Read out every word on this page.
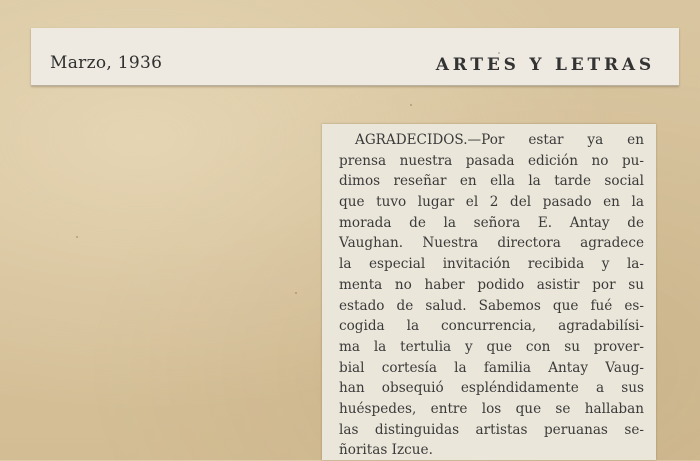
Marzo, 1936	ARTES Y LETRAS
AGRADECIDOS.—Por estar ya en
prensa nuestra pasada edición no pu-
dimos reseñar en ella la tarde social
que tuvo lugar el 2 del pasado en la
morada de la señora E. Antay de
Vaughan. Nuestra directora agradece
la especial invitación recibida y la-
menta no haber podido asistir por su
estado de salud. Sabemos que fué es-
cogida la concurrencia, agradabilísi-
ma la tertulia y que con su prover-
bial cortesía la familia Antay Vaug-
han obsequió espléndidamente a sus
huéspedes, entre los que se hallaban
las distinguidas artistas peruanas se-
ñoritas Izcue.
